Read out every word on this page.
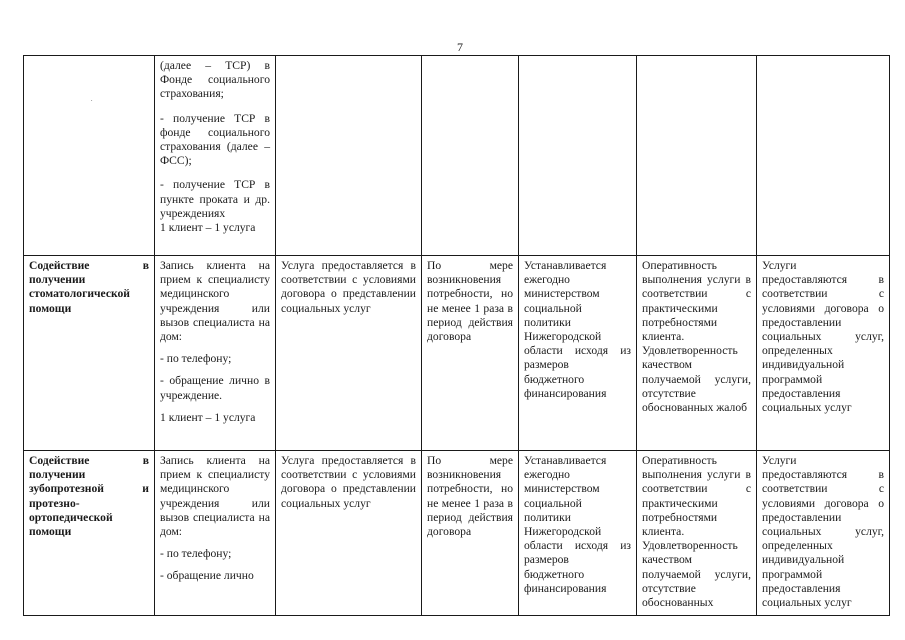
7
.

	(далее – ТСР) в Фонде социального страхования;

- получение ТСР в фонде социального страхования (далее – ФСС);

- получение ТСР в пункте проката и др. учреждениях

1 клиент – 1 услуга					

Содействие в получении стоматологической помощи	Запись клиента на прием к специалисту медицинского учреждения или вызов специалиста на дом:

- по телефону;

- обращение лично в учреждение.

1 клиент – 1 услуга	Услуга предоставляется в соответствии с условиями договора о представлении социальных услуг	По мере возникновения потребности, но не менее 1 раза в период действия договора	Устанавливается ежегодно министерством социальной политики Нижегородской области исходя из размеров бюджетного финансирования	Оперативность выполнения услуги в соответствии с практическими потребностями клиента. Удовлетворенность качеством получаемой услуги, отсутствие обоснованных жалоб	Услуги предоставляются в соответствии с условиями договора о предоставлении социальных услуг, определенных индивидуальной программой предоставления социальных услуг
Содействие в получении зубопротезной и протезно-ортопедической помощи	Запись клиента на прием к специалисту медицинского учреждения или вызов специалиста на дом:

- по телефону;

- обращение лично	Услуга предоставляется в соответствии с условиями договора о представлении социальных услуг	По мере возникновения потребности, но не менее 1 раза в период действия договора	Устанавливается ежегодно министерством социальной политики Нижегородской области исходя из размеров бюджетного финансирования	Оперативность выполнения услуги в соответствии с практическими потребностями клиента. Удовлетворенность качеством получаемой услуги, отсутствие обоснованных	Услуги предоставляются в соответствии с условиями договора о предоставлении социальных услуг, определенных индивидуальной программой предоставления социальных услуг
